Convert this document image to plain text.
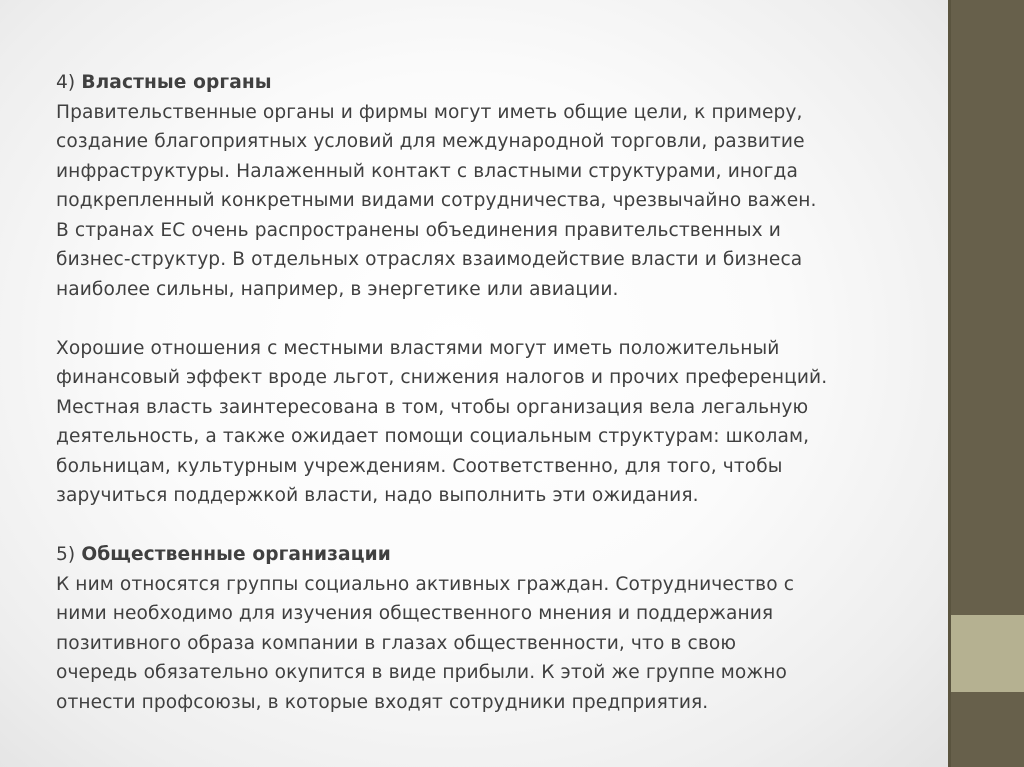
4) Властные органы

Правительственные органы и фирмы могут иметь общие цели, к примеру,

создание благоприятных условий для международной торговли, развитие

инфраструктуры. Налаженный контакт с властными структурами, иногда

подкрепленный конкретными видами сотрудничества, чрезвычайно важен.

В странах ЕС очень распространены объединения правительственных и

бизнес-структур. В отдельных отраслях взаимодействие власти и бизнеса

наиболее сильны, например, в энергетике или авиации.

Хорошие отношения с местными властями могут иметь положительный

финансовый эффект вроде льгот, снижения налогов и прочих преференций.

Местная власть заинтересована в том, чтобы организация вела легальную

деятельность, а также ожидает помощи социальным структурам: школам,

больницам, культурным учреждениям. Соответственно, для того, чтобы

заручиться поддержкой власти, надо выполнить эти ожидания.

5) Общественные организации

К ним относятся группы социально активных граждан. Сотрудничество с

ними необходимо для изучения общественного мнения и поддержания

позитивного образа компании в глазах общественности, что в свою

очередь обязательно окупится в виде прибыли. К этой же группе можно

отнести профсоюзы, в которые входят сотрудники предприятия.
